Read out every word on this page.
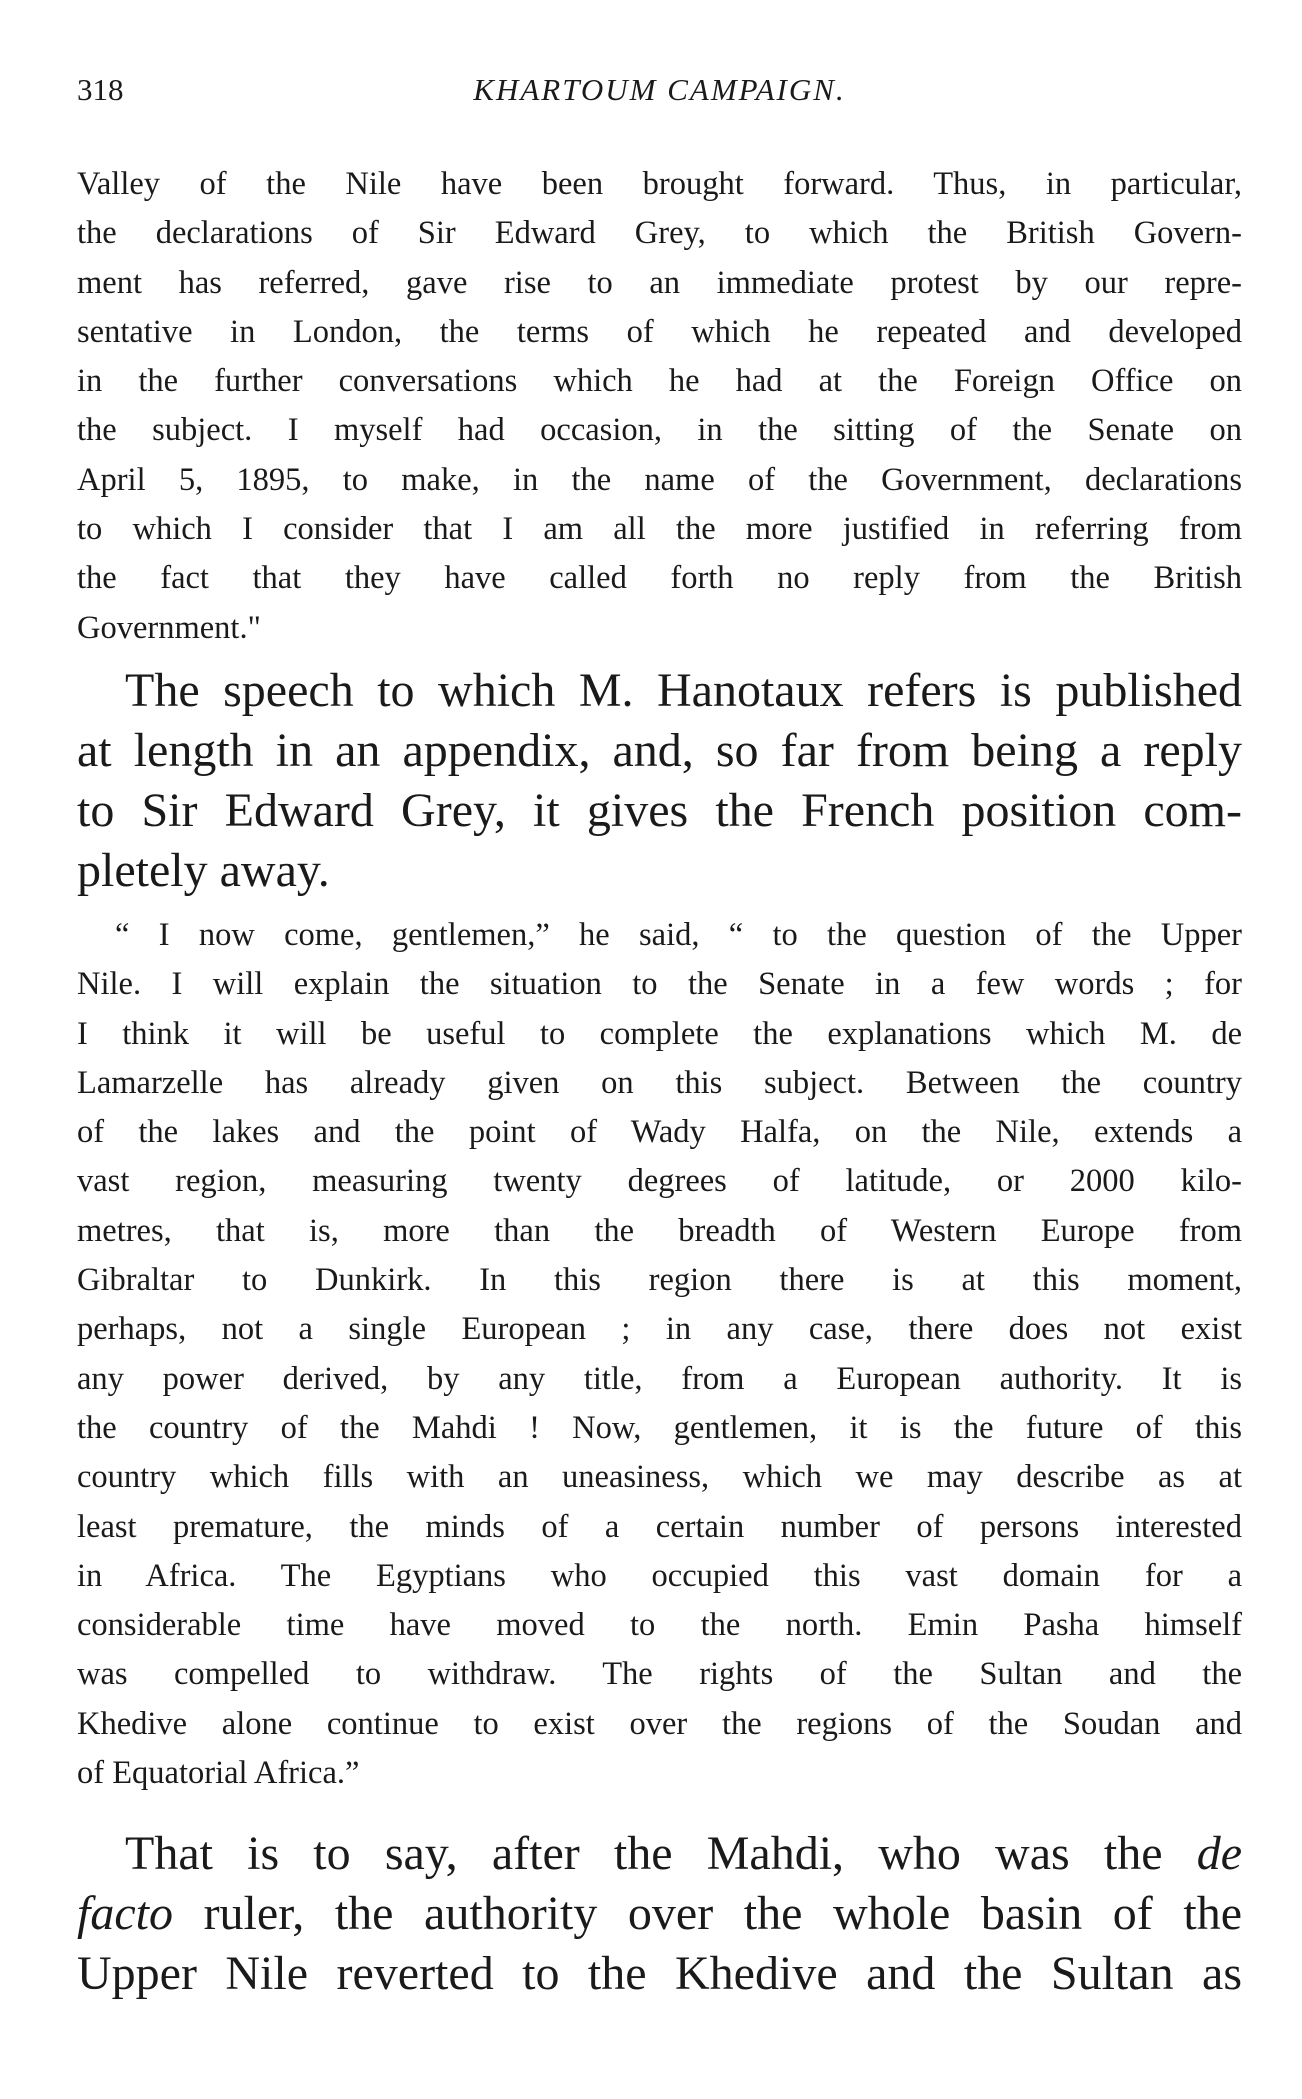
318	KHARTOUM CAMPAIGN.
Valley of the Nile have been brought forward. Thus, in particular,
the declarations of Sir Edward Grey, to which the British Govern-
ment has referred, gave rise to an immediate protest by our repre-
sentative in London, the terms of which he repeated and developed
in the further conversations which he had at the Foreign Office on
the subject. I myself had occasion, in the sitting of the Senate on
April 5, 1895, to make, in the name of the Government, declarations
to which I consider that I am all the more justified in referring from
the fact that they have called forth no reply from the British
Government."
The speech to which M. Hanotaux refers is published
at length in an appendix, and, so far from being a reply
to Sir Edward Grey, it gives the French position com-
pletely away.
“ I now come, gentlemen,” he said, “ to the question of the Upper
Nile. I will explain the situation to the Senate in a few words ; for
I think it will be useful to complete the explanations which M. de
Lamarzelle has already given on this subject. Between the country
of the lakes and the point of Wady Halfa, on the Nile, extends a
vast region, measuring twenty degrees of latitude, or 2000 kilo-
metres, that is, more than the breadth of Western Europe from
Gibraltar to Dunkirk. In this region there is at this moment,
perhaps, not a single European ; in any case, there does not exist
any power derived, by any title, from a European authority. It is
the country of the Mahdi ! Now, gentlemen, it is the future of this
country which fills with an uneasiness, which we may describe as at
least premature, the minds of a certain number of persons interested
in Africa. The Egyptians who occupied this vast domain for a
considerable time have moved to the north. Emin Pasha himself
was compelled to withdraw. The rights of the Sultan and the
Khedive alone continue to exist over the regions of the Soudan and
of Equatorial Africa.”
That is to say, after the Mahdi, who was the de
facto ruler, the authority over the whole basin of the
Upper Nile reverted to the Khedive and the Sultan as
